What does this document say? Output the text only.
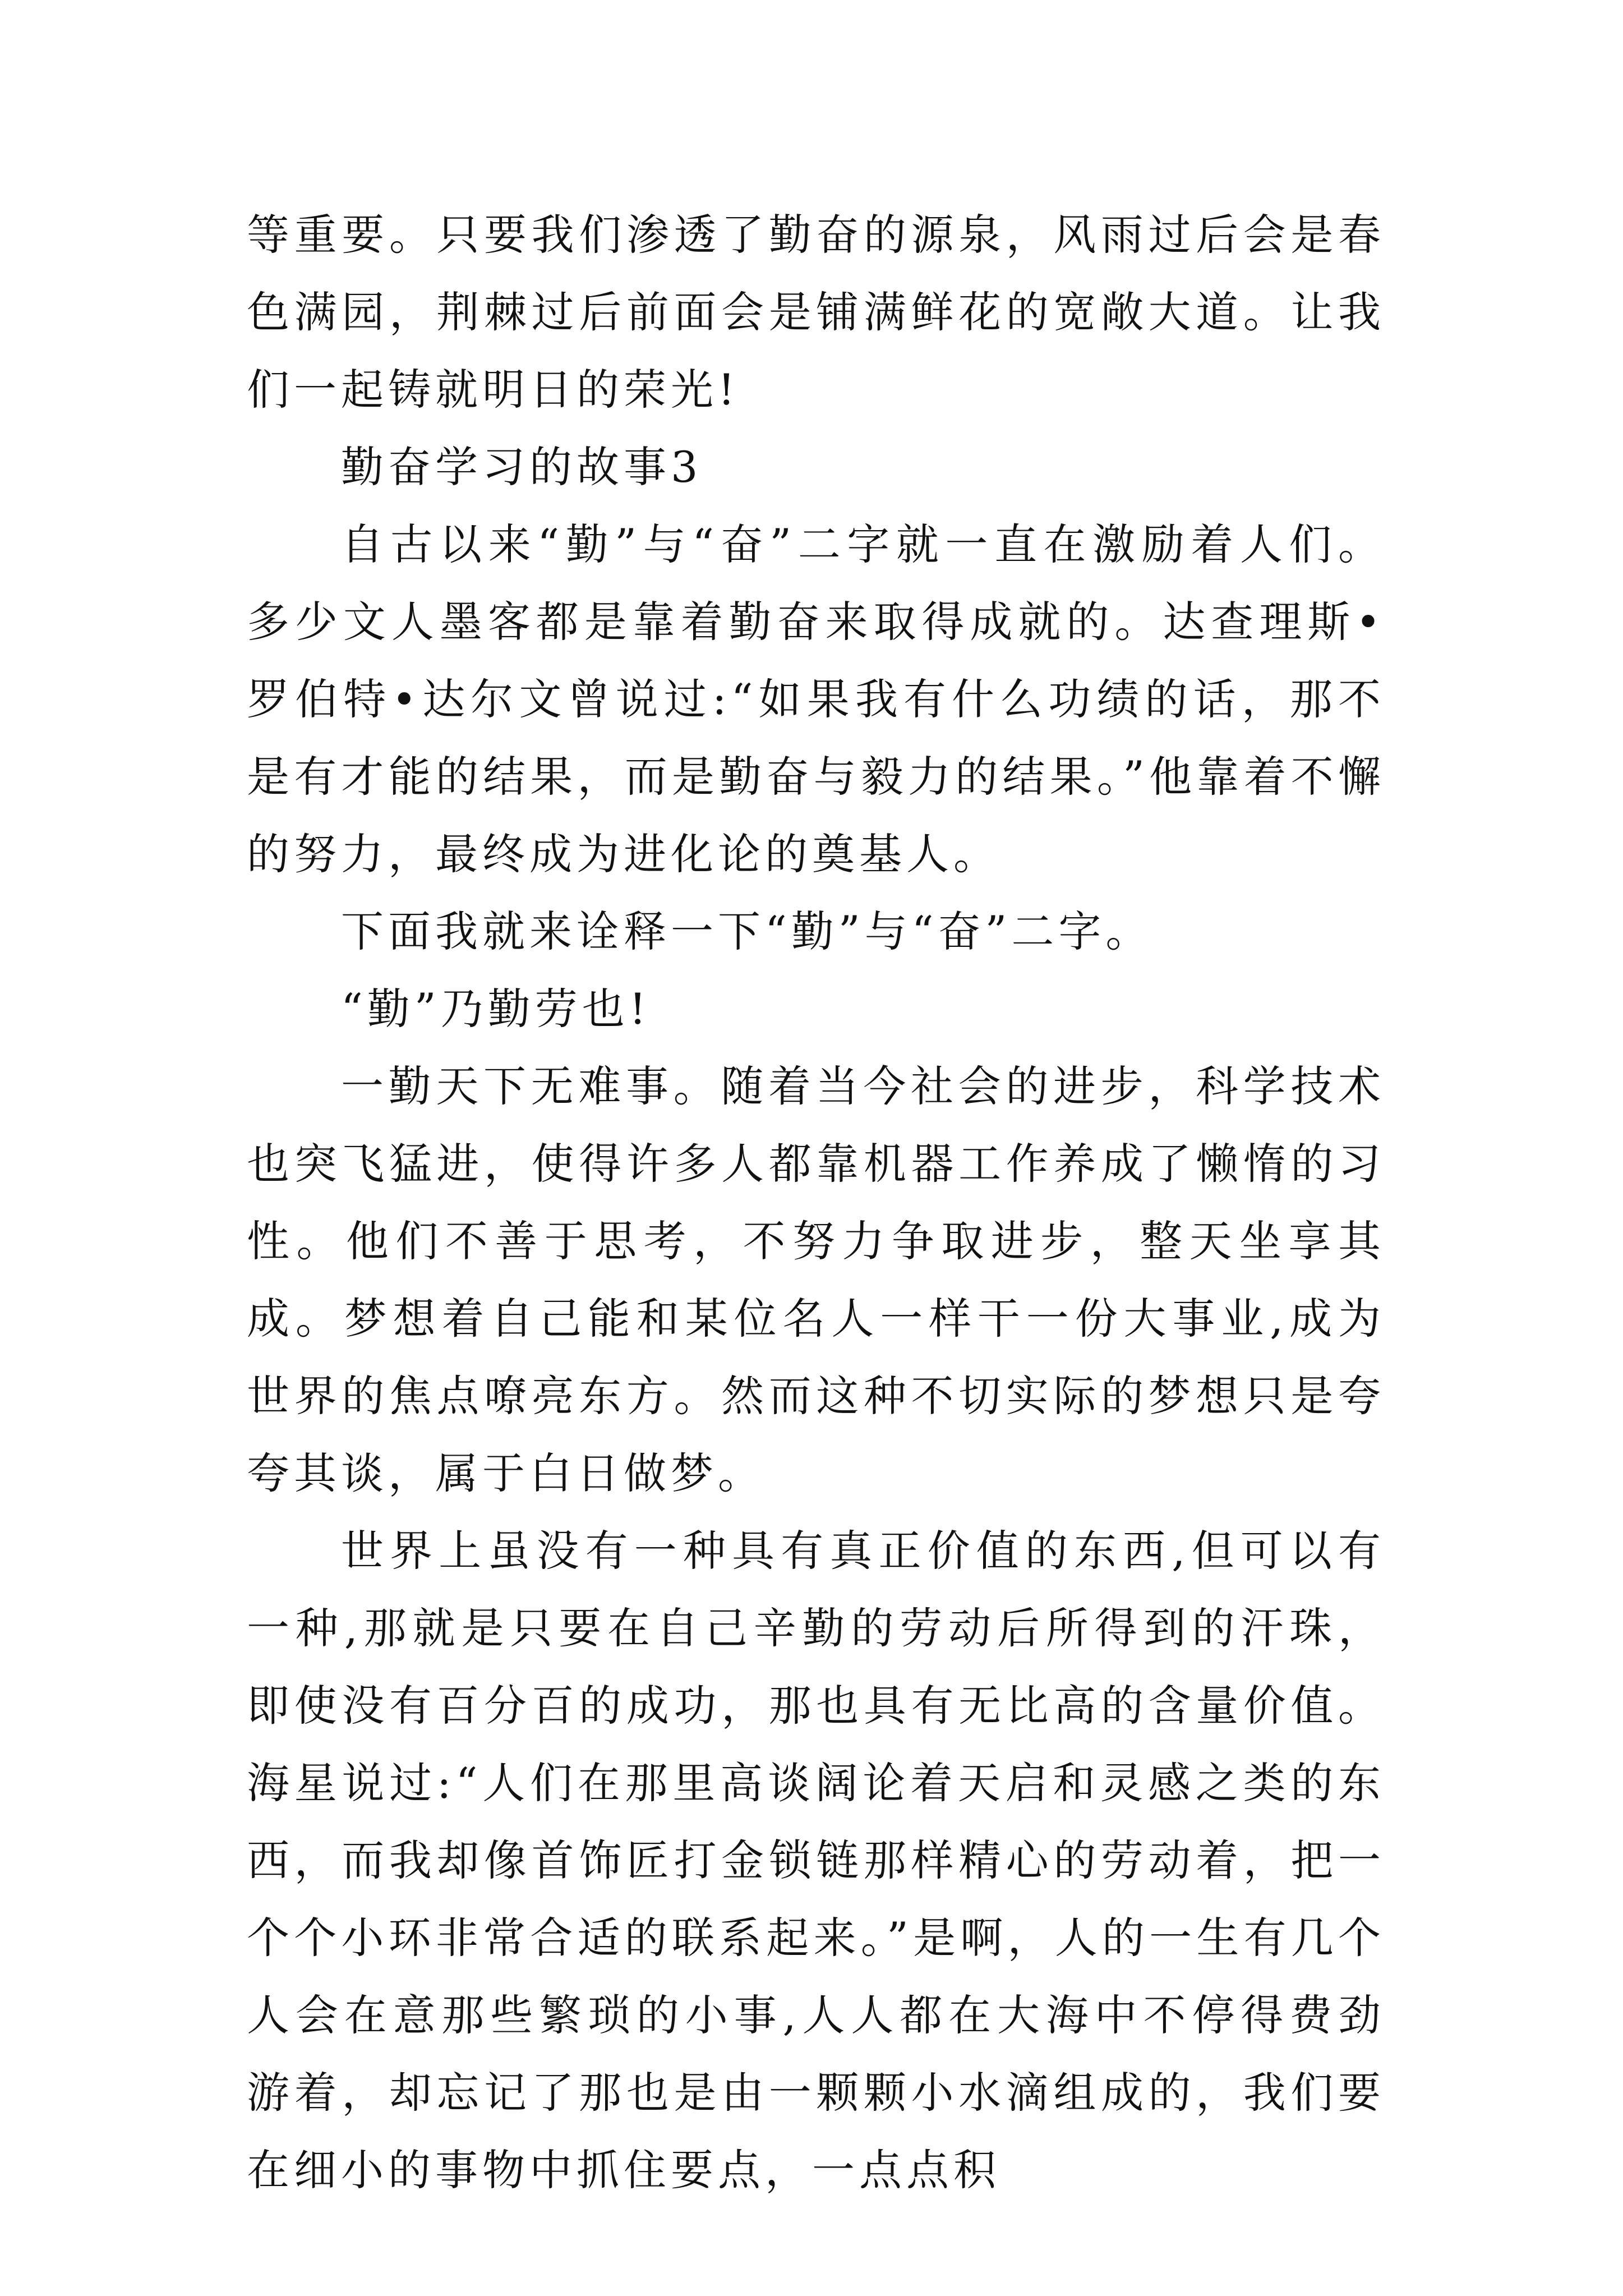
等重要。只要我们渗透了勤奋的源泉，风雨过后会是春色满园，荆棘过后前面会是铺满鲜花的宽敞大道。让我们一起铸就明日的荣光!

勤奋学习的故事3

自古以来“勤”与“奋”二字就一直在激励着人们。多少文人墨客都是靠着勤奋来取得成就的。达查理斯•罗伯特•达尔文曾说过:“如果我有什么功绩的话，那不是有才能的结果，而是勤奋与毅力的结果。”他靠着不懈的努力，最终成为进化论的奠基人。

下面我就来诠释一下“勤”与“奋”二字。

“勤”乃勤劳也!

一勤天下无难事。随着当今社会的进步，科学技术也突飞猛进，使得许多人都靠机器工作养成了懒惰的习性。他们不善于思考，不努力争取进步，整天坐享其成。梦想着自己能和某位名人一样干一份大事业,成为世界的焦点嘹亮东方。然而这种不切实际的梦想只是夸夸其谈，属于白日做梦。

世界上虽没有一种具有真正价值的东西,但可以有一种,那就是只要在自己辛勤的劳动后所得到的汗珠，即使没有百分百的成功，那也具有无比高的含量价值。海星说过:“人们在那里高谈阔论着天启和灵感之类的东西，而我却像首饰匠打金锁链那样精心的劳动着，把一个个小环非常合适的联系起来。”是啊，人的一生有几个人会在意那些繁琐的小事,人人都在大海中不停得费劲游着，却忘记了那也是由一颗颗小水滴组成的，我们要在细小的事物中抓住要点，一点点积
